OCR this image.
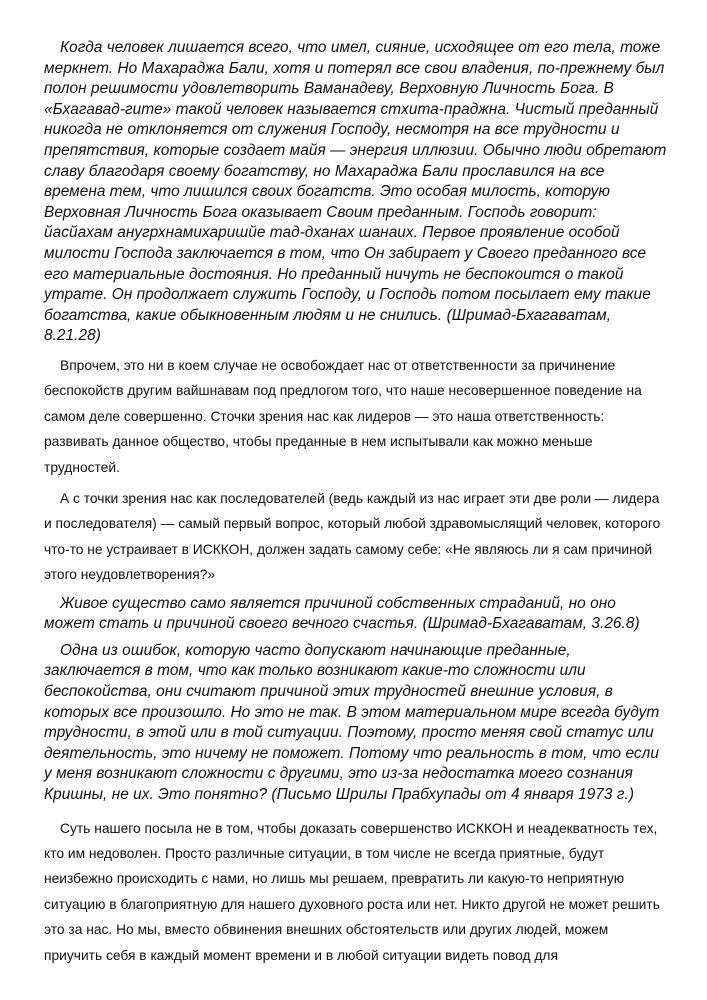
Когда человек лишается всего, что имел, сияние, исходящее от его тела, тоже меркнет. Но Махараджа Бали, хотя и потерял все свои владения, по-прежнему был полон решимости удовлетворить Ваманадеву, Верховную Личность Бога. В «Бхагавад-гите» такой человек называется стхита-праджна. Чистый преданный никогда не отклоняется от служения Господу, несмотря на все трудности и препятствия, которые создает майя — энергия иллюзии. Обычно люди обретают славу благодаря своему богатству, но Махараджа Бали прославился на все времена тем, что лишился своих богатств. Это особая милость, которую Верховная Личность Бога оказывает Своим преданным. Господь говорит: йасйахам анугрхнамихаришйе тад-дханах шанаих. Первое проявление особой милости Господа заключается в том, что Он забирает у Своего преданного все его материальные достояния. Но преданный ничуть не беспокоится о такой утрате. Он продолжает служить Господу, и Господь потом посылает ему такие богатства, какие обыкновенным людям и не снились. (Шримад-Бхагаватам, 8.21.28)

Впрочем, это ни в коем случае не освобождает нас от ответственности за причинение беспокойств другим вайшнавам под предлогом того, что наше несовершенное поведение на самом деле совершенно. Сточки зрения нас как лидеров — это наша ответственность: развивать данное общество, чтобы преданные в нем испытывали как можно меньше трудностей.

А с точки зрения нас как последователей (ведь каждый из нас играет эти две роли — лидера и последователя) — самый первый вопрос, который любой здравомыслящий человек, которого что-то не устраивает в ИСККОН, должен задать самому себе: «Не являюсь ли я сам причиной этого неудовлетворения?»

Живое существо само является причиной собственных страданий, но оно может стать и причиной своего вечного счастья. (Шримад-Бхагаватам, 3.26.8)

Одна из ошибок, которую часто допускают начинающие преданные, заключается в том, что как только возникают какие-то сложности или беспокойства, они считают причиной этих трудностей внешние условия, в которых все произошло. Но это не так. В этом материальном мире всегда будут трудности, в этой или в той ситуации. Поэтому, просто меняя свой статус или деятельность, это ничему не поможет. Потому что реальность в том, что если у меня возникают сложности с другими, это из-за недостатка моего сознания Кришны, не их. Это понятно? (Письмо Шрилы Прабхупады от 4 января 1973 г.)

Суть нашего посыла не в том, чтобы доказать совершенство ИСККОН и неадекватность тех, кто им недоволен. Просто различные ситуации, в том числе не всегда приятные, будут неизбежно происходить с нами, но лишь мы решаем, превратить ли какую-то неприятную ситуацию в благоприятную для нашего духовного роста или нет. Никто другой не может решить это за нас. Но мы, вместо обвинения внешних обстоятельств или других людей, можем приучить себя в каждый момент времени и в любой ситуации видеть повод для
